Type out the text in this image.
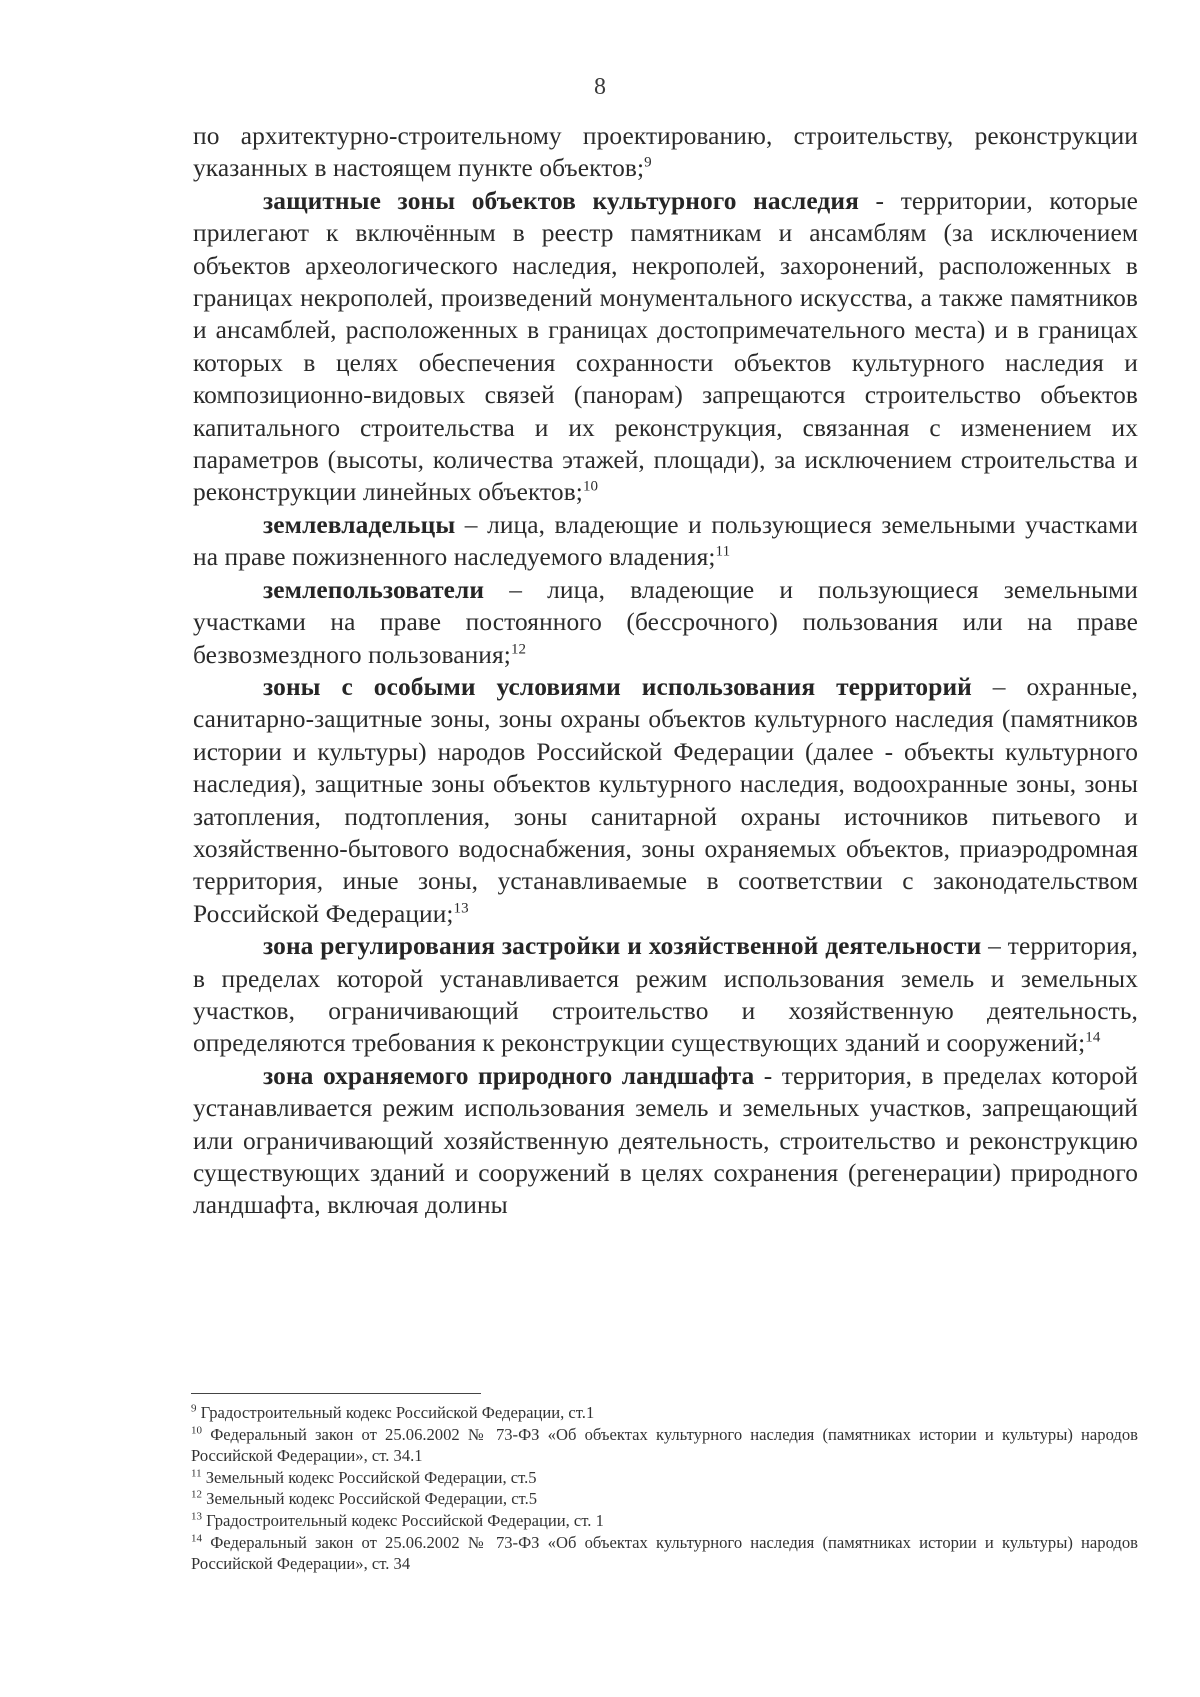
8

по архитектурно-строительному проектированию, строительству, реконструкции указанных в настоящем пункте объектов;$^9$

защитные зоны объектов культурного наследия - территории, которые прилегают к включённым в реестр памятникам и ансамблям (за исключением объектов археологического наследия, некрополей, захоронений, расположенных в границах некрополей, произведений монументального искусства, а также памятников и ансамблей, расположенных в границах достопримечательного места) и в границах которых в целях обеспечения сохранности объектов культурного наследия и композиционно-видовых связей (панорам) запрещаются строительство объектов капитального строительства и их реконструкция, связанная с изменением их параметров (высоты, количества этажей, площади), за исключением строительства и реконструкции линейных объектов;$^{10}$

землевладельцы – лица, владеющие и пользующиеся земельными участками на праве пожизненного наследуемого владения;$^{11}$

землепользователи – лица, владеющие и пользующиеся земельными участками на праве постоянного (бессрочного) пользования или на праве безвозмездного пользования;$^{12}$

зоны с особыми условиями использования территорий – охранные, санитарно-защитные зоны, зоны охраны объектов культурного наследия (памятников истории и культуры) народов Российской Федерации (далее - объекты культурного наследия), защитные зоны объектов культурного наследия, водоохранные зоны, зоны затопления, подтопления, зоны санитарной охраны источников питьевого и хозяйственно-бытового водоснабжения, зоны охраняемых объектов, приаэродромная территория, иные зоны, устанавливаемые в соответствии с законодательством Российской Федерации;$^{13}$

зона регулирования застройки и хозяйственной деятельности – территория, в пределах которой устанавливается режим использования земель и земельных участков, ограничивающий строительство и хозяйственную деятельность, определяются требования к реконструкции существующих зданий и сооружений;$^{14}$

зона охраняемого природного ландшафта - территория, в пределах которой устанавливается режим использования земель и земельных участков, запрещающий или ограничивающий хозяйственную деятельность, строительство и реконструкцию существующих зданий и сооружений в целях сохранения (регенерации) природного ландшафта, включая долины

$^9$ Градостроительный кодекс Российской Федерации, ст.1

$^{10}$ Федеральный закон от 25.06.2002 № 73-ФЗ «Об объектах культурного наследия (памятниках истории и культуры) народов Российской Федерации», ст. 34.1

$^{11}$ Земельный кодекс Российской Федерации, ст.5

$^{12}$ Земельный кодекс Российской Федерации, ст.5

$^{13}$ Градостроительный кодекс Российской Федерации, ст. 1

$^{14}$ Федеральный закон от 25.06.2002 № 73-ФЗ «Об объектах культурного наследия (памятниках истории и культуры) народов Российской Федерации», ст. 34
